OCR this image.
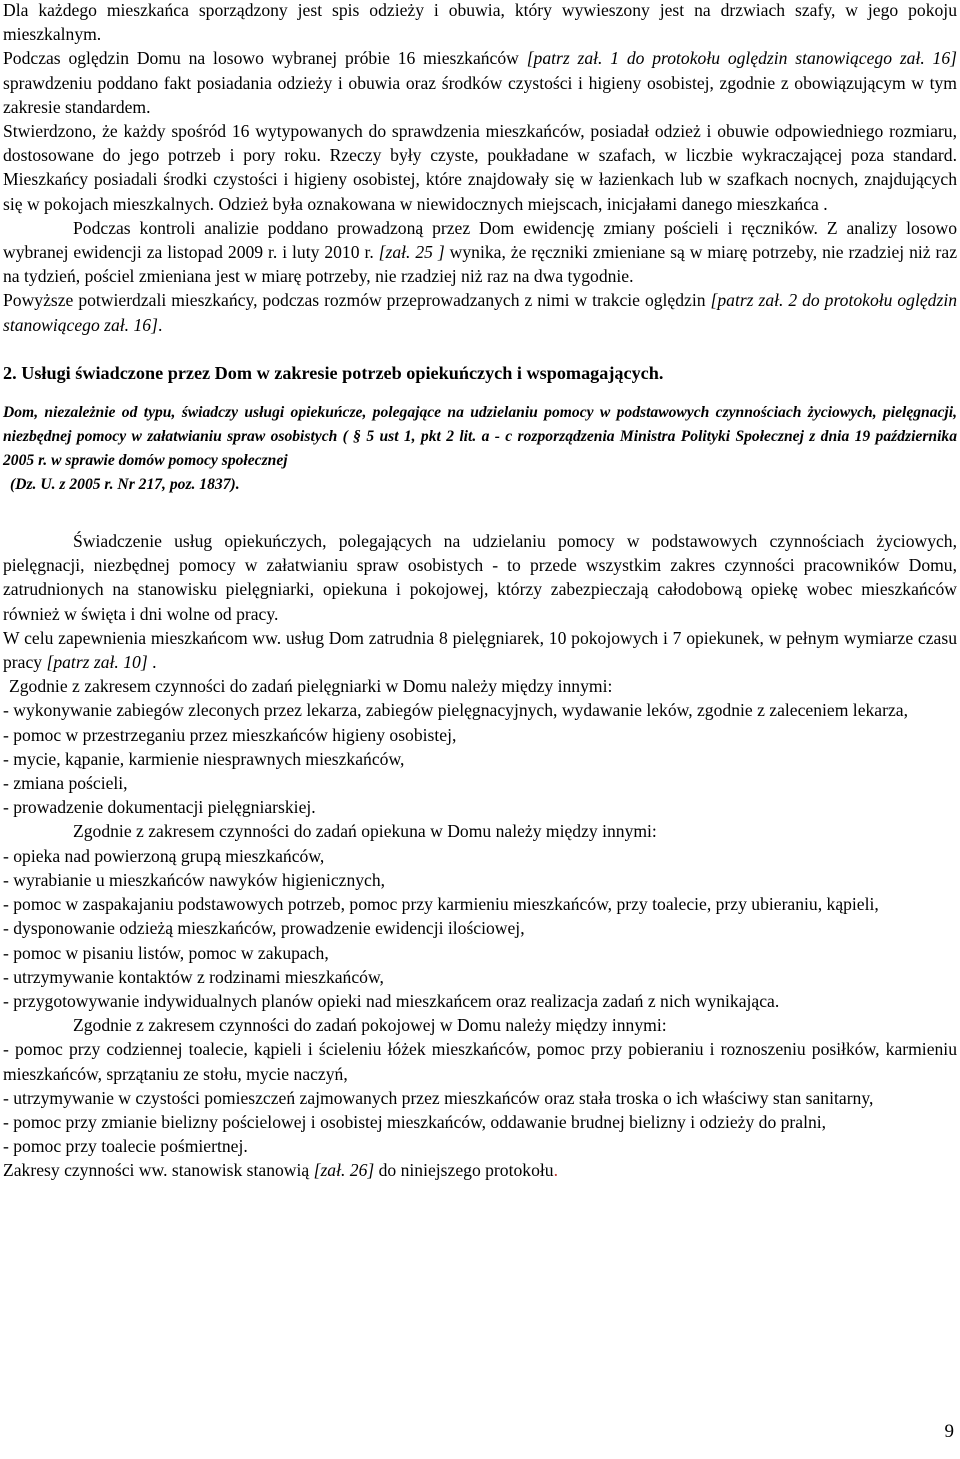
Dla każdego mieszkańca sporządzony jest spis odzieży i obuwia, który wywieszony jest na drzwiach szafy, w jego pokoju mieszkalnym.

Podczas oględzin Domu na losowo wybranej próbie 16 mieszkańców [patrz zał. 1 do protokołu oględzin stanowiącego zał. 16] sprawdzeniu poddano fakt posiadania odzieży i obuwia oraz środków czystości i higieny osobistej, zgodnie z obowiązującym w tym zakresie standardem.

Stwierdzono, że każdy spośród 16 wytypowanych do sprawdzenia mieszkańców, posiadał odzież i obuwie odpowiedniego rozmiaru, dostosowane do jego potrzeb i pory roku. Rzeczy były czyste, poukładane w szafach, w liczbie wykraczającej poza standard. Mieszkańcy posiadali środki czystości i higieny osobistej, które znajdowały się w łazienkach lub w szafkach nocnych, znajdujących się w pokojach mieszkalnych. Odzież była oznakowana w niewidocznych miejscach, inicjałami danego mieszkańca .

Podczas kontroli analizie poddano prowadzoną przez Dom ewidencję zmiany pościeli i ręczników. Z analizy losowo wybranej ewidencji za listopad 2009 r. i luty 2010 r. [zał. 25 ] wynika, że ręczniki zmieniane są w miarę potrzeby, nie rzadziej niż raz na tydzień, pościel zmieniana jest w miarę potrzeby, nie rzadziej niż raz na dwa tygodnie.

Powyższe potwierdzali mieszkańcy, podczas rozmów przeprowadzanych z nimi w trakcie oględzin [patrz zał. 2 do protokołu oględzin stanowiącego zał. 16].

2. Usługi świadczone przez Dom w zakresie potrzeb opiekuńczych i wspomagających.

Dom, niezależnie od typu, świadczy usługi opiekuńcze, polegające na udzielaniu pomocy w podstawowych czynnościach życiowych, pielęgnacji, niezbędnej pomocy w załatwianiu spraw osobistych ( § 5 ust 1, pkt 2 lit. a - c rozporządzenia Ministra Polityki Społecznej z dnia 19 października 2005 r. w sprawie domów pomocy społecznej
(Dz. U. z 2005 r. Nr 217, poz. 1837).

Świadczenie usług opiekuńczych, polegających na udzielaniu pomocy w podstawowych czynnościach życiowych, pielęgnacji, niezbędnej pomocy w załatwianiu spraw osobistych - to przede wszystkim zakres czynności pracowników Domu, zatrudnionych na stanowisku pielęgniarki, opiekuna i pokojowej, którzy zabezpieczają całodobową opiekę wobec mieszkańców również w święta i dni wolne od pracy.

W celu zapewnienia mieszkańcom ww. usług Dom zatrudnia 8 pielęgniarek, 10 pokojowych i 7 opiekunek, w pełnym wymiarze czasu pracy [patrz zał. 10] .

Zgodnie z zakresem czynności do zadań pielęgniarki w Domu należy między innymi:

- wykonywanie zabiegów zleconych przez lekarza, zabiegów pielęgnacyjnych, wydawanie leków, zgodnie z zaleceniem lekarza,

- pomoc w przestrzeganiu przez mieszkańców higieny osobistej,

- mycie, kąpanie, karmienie niesprawnych mieszkańców,

- zmiana pościeli,

- prowadzenie dokumentacji pielęgniarskiej.

Zgodnie z zakresem czynności do zadań opiekuna w Domu należy między innymi:

- opieka nad powierzoną grupą mieszkańców,

- wyrabianie u mieszkańców nawyków higienicznych,

- pomoc w zaspakajaniu podstawowych potrzeb, pomoc przy karmieniu mieszkańców, przy toalecie, przy ubieraniu, kąpieli,

- dysponowanie odzieżą mieszkańców, prowadzenie ewidencji ilościowej,

- pomoc w pisaniu listów, pomoc w zakupach,

- utrzymywanie kontaktów z rodzinami mieszkańców,

- przygotowywanie indywidualnych planów opieki nad mieszkańcem oraz realizacja zadań z nich wynikająca.

Zgodnie z zakresem czynności do zadań pokojowej w Domu należy między innymi:

- pomoc przy codziennej toalecie, kąpieli i ścieleniu łóżek mieszkańców, pomoc przy pobieraniu i roznoszeniu posiłków, karmieniu mieszkańców, sprzątaniu ze stołu, mycie naczyń,

- utrzymywanie w czystości pomieszczeń zajmowanych przez mieszkańców oraz stała troska o ich właściwy stan sanitarny,

- pomoc przy zmianie bielizny pościelowej i osobistej mieszkańców, oddawanie brudnej bielizny i odzieży do pralni,

- pomoc przy toalecie pośmiertnej.

Zakresy czynności ww. stanowisk stanowią [zał. 26] do niniejszego protokołu.

9
